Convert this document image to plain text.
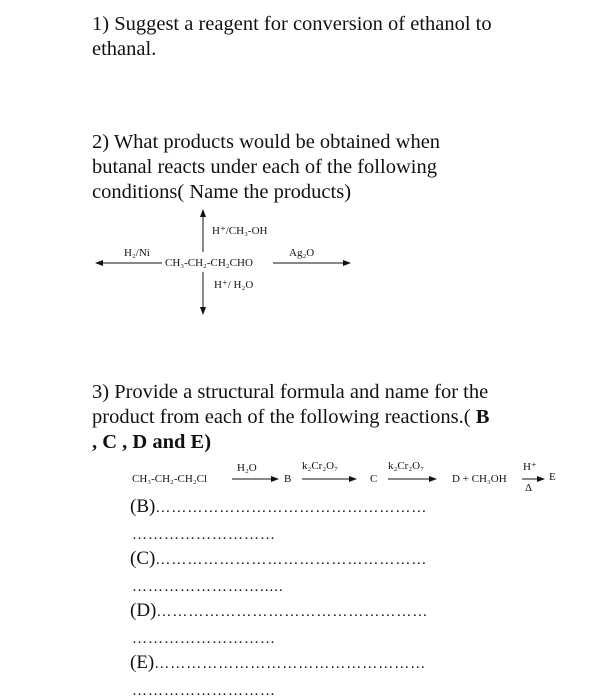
1) Suggest a reagent for conversion of ethanol to

ethanal.

2) What products would be obtained when

butanal reacts under each of the following

conditions( Name the products)

CH₃-CH₂-CH₂CHO
H⁺/CH₃-OH
H⁺/ H₂O
H₂/Ni	Ag₂O

3) Provide a structural formula and name for the

product from each of the following reactions.( B

, C , D and E)

CH₃-CH₂-CH₂Cl
H₂O
B
k₂Cr₂O₇
C
k₂Cr₂O₇
D + CH₃OH
H⁺
Δ
E
(B)……………………………………………
………………………
(C)……………………………………………
…………………….....
(D)……………………………………………
………………………
(E)……………………………………………
………………………
